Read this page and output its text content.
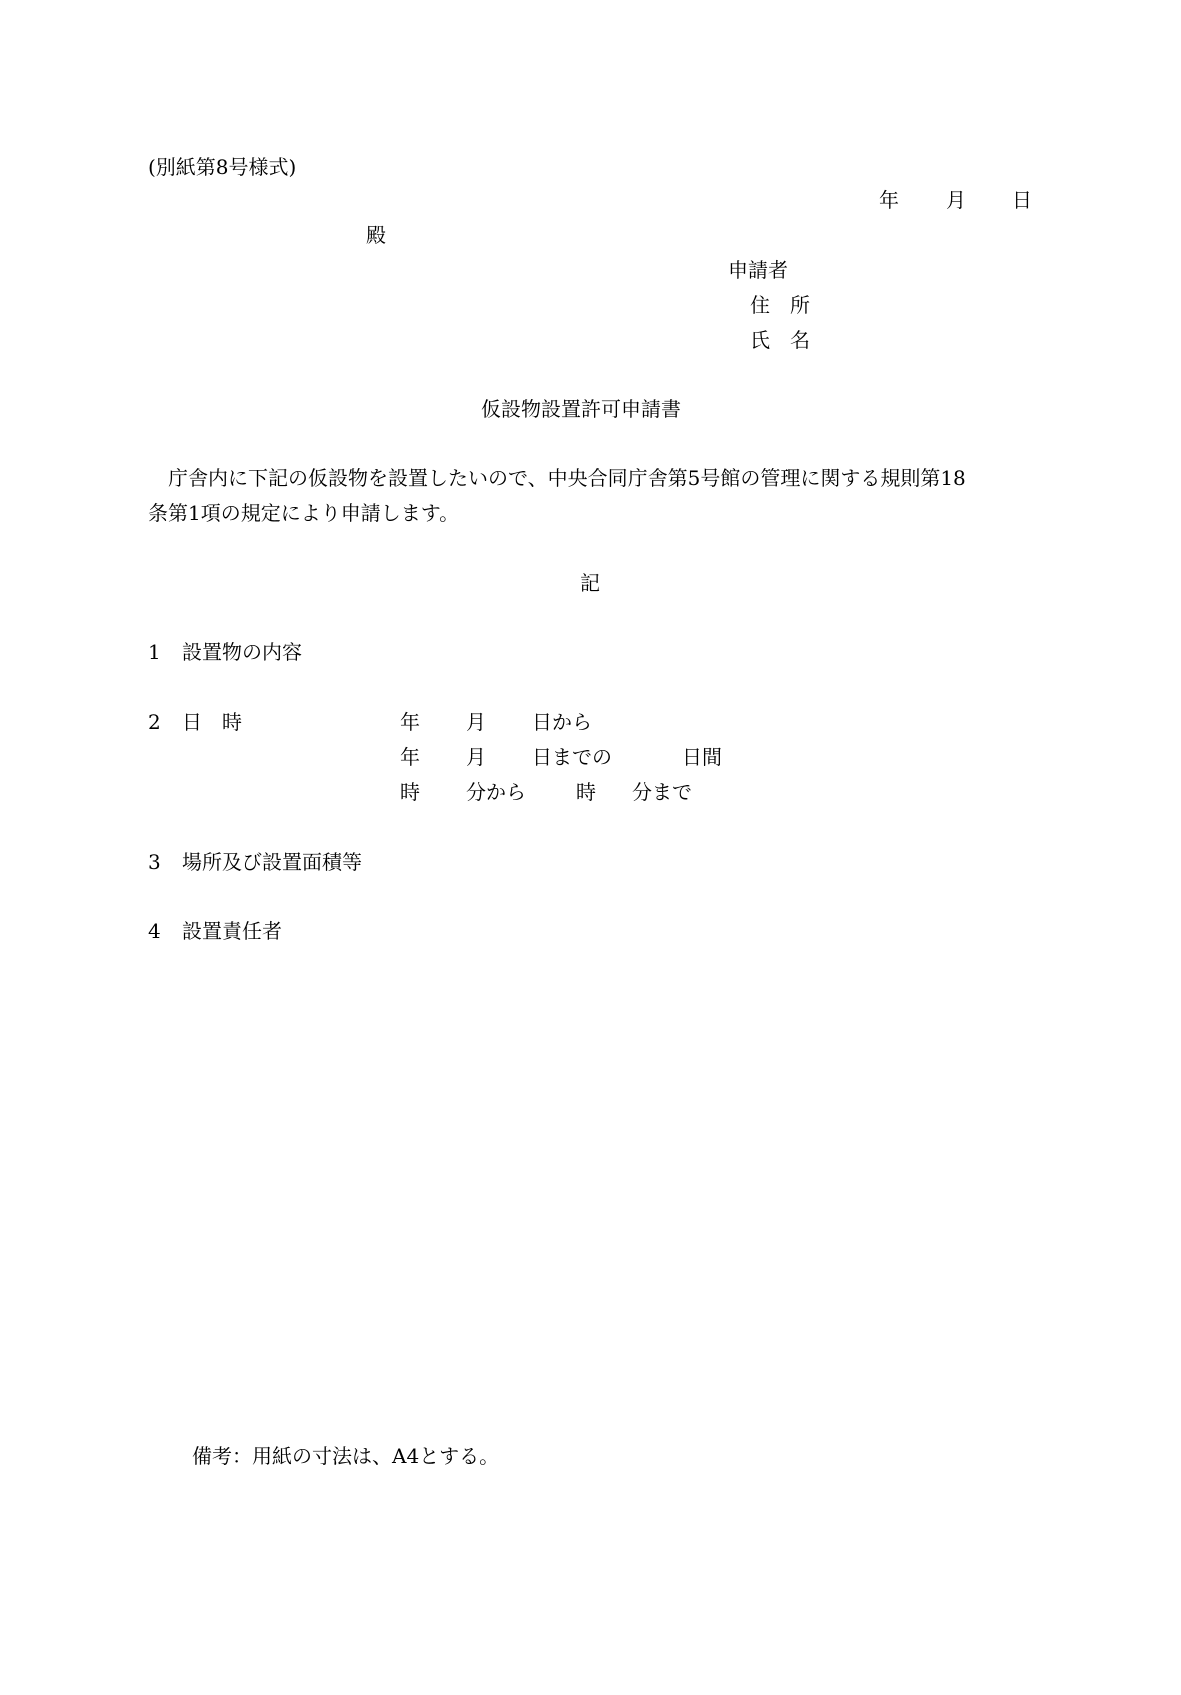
(別紙第8号様式)
年 月 日
殿
申請者
住　所
氏　名
仮設物設置許可申請書
　庁舎内に下記の仮設物を設置したいので、中央合同庁舎第5号館の管理に関する規則第18
条第1項の規定により申請します。
記
1 設置物の内容
2 日　時	年 月 日から
年 月 日までの	日間
時 分から	時 分まで
3 場所及び設置面積等
4 設置責任者
備考：用紙の寸法は、A4とする。
